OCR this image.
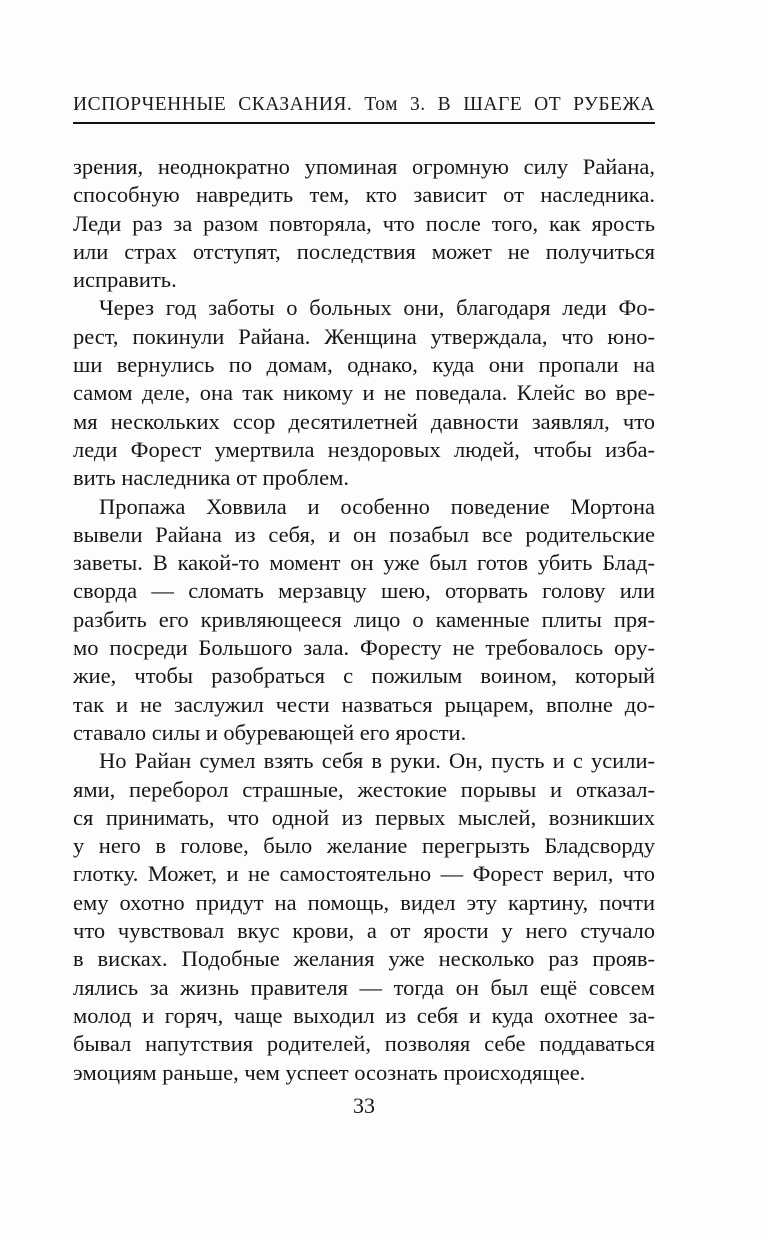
ИСПОРЧЕННЫЕ СКАЗАНИЯ. Том 3. В ШАГЕ ОТ РУБЕЖА
зрения, неоднократно упоминая огромную силу Райана,
способную навредить тем, кто зависит от наследника.
Леди раз за разом повторяла, что после того, как ярость
или страх отступят, последствия может не получиться
исправить.
Через год заботы о больных они, благодаря леди Фо-
рест, покинули Райана. Женщина утверждала, что юно-
ши вернулись по домам, однако, куда они пропали на
самом деле, она так никому и не поведала. Клейс во вре-
мя нескольких ссор десятилетней давности заявлял, что
леди Форест умертвила нездоровых людей, чтобы изба-
вить наследника от проблем.
Пропажа Ховвила и особенно поведение Мортона
вывели Райана из себя, и он позабыл все родительские
заветы. В какой-то момент он уже был готов убить Блад-
сворда — сломать мерзавцу шею, оторвать голову или
разбить его кривляющееся лицо о каменные плиты пря-
мо посреди Большого зала. Форесту не требовалось ору-
жие, чтобы разобраться с пожилым воином, который
так и не заслужил чести назваться рыцарем, вполне до-
ставало силы и обуревающей его ярости.
Но Райан сумел взять себя в руки. Он, пусть и с усили-
ями, переборол страшные, жестокие порывы и отказал-
ся принимать, что одной из первых мыслей, возникших
у него в голове, было желание перегрызть Бладсворду
глотку. Может, и не самостоятельно — Форест верил, что
ему охотно придут на помощь, видел эту картину, почти
что чувствовал вкус крови, а от ярости у него стучало
в висках. Подобные желания уже несколько раз прояв-
лялись за жизнь правителя — тогда он был ещё совсем
молод и горяч, чаще выходил из себя и куда охотнее за-
бывал напутствия родителей, позволяя себе поддаваться
эмоциям раньше, чем успеет осознать происходящее.
33
